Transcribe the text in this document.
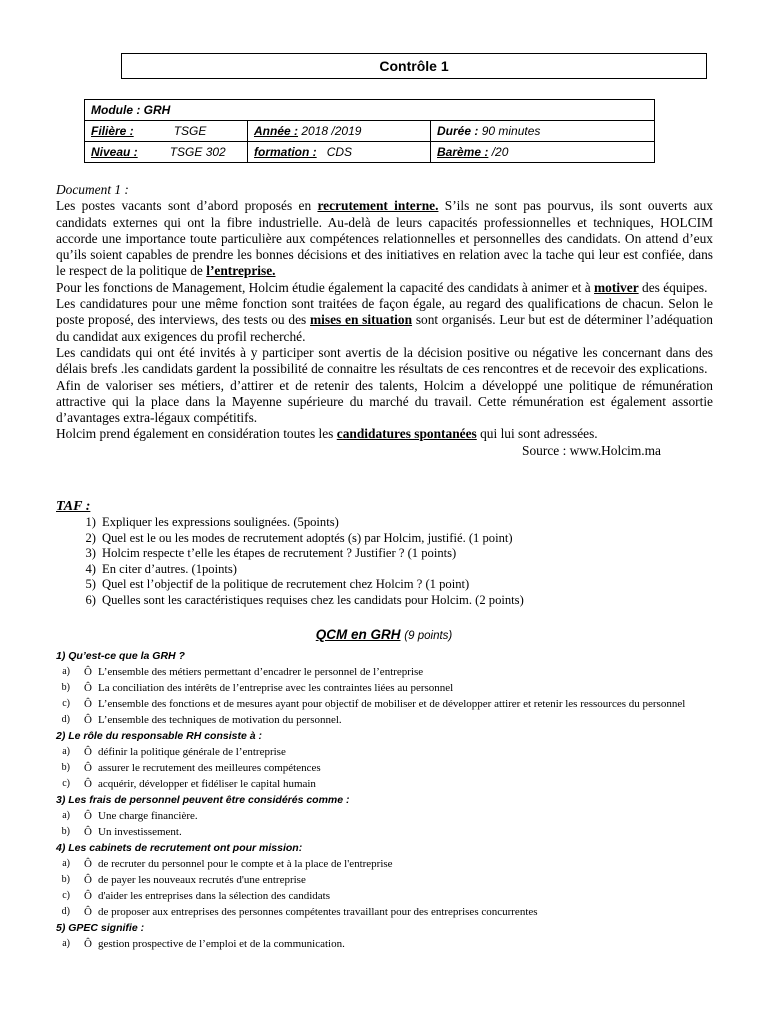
Contrôle 1
Module : GRH		
Filière : TSGE	Année : 2018 /2019	Durée : 90 minutes
Niveau : TSGE 302	formation : CDS	Barème : /20

Document 1 :

Les postes vacants sont d’abord proposés en recrutement interne. S’ils ne sont pas pourvus, ils sont ouverts aux candidats externes qui ont la fibre industrielle. Au-delà de leurs capacités professionnelles et techniques, HOLCIM accorde une importance toute particulière aux compétences relationnelles et personnelles des candidats. On attend d’eux qu’ils soient capables de prendre les bonnes décisions et des initiatives en relation avec la tache qui leur est confiée, dans le respect de la politique de l’entreprise.

Pour les fonctions de Management, Holcim étudie également la capacité des candidats à animer et à motiver des équipes.

Les candidatures pour une même fonction sont traitées de façon égale, au regard des qualifications de chacun. Selon le poste proposé, des interviews, des tests ou des mises en situation sont organisés. Leur but est de déterminer l’adéquation du candidat aux exigences du profil recherché.

Les candidats qui ont été invités à y participer sont avertis de la décision positive ou négative les concernant dans des délais brefs .les candidats gardent la possibilité de connaitre les résultats de ces rencontres et de recevoir des explications.

Afin de valoriser ses métiers, d’attirer et de retenir des talents, Holcim a développé une politique de rémunération attractive qui la place dans la Mayenne supérieure du marché du travail. Cette rémunération est également assortie d’avantages extra-légaux compétitifs.

Holcim prend également en considération toutes les candidatures spontanées qui lui sont adressées.

Source : www.Holcim.ma

TAF :
1) Expliquer les expressions soulignées. (5points)
2) Quel est le ou les modes de recrutement adoptés (s) par Holcim, justifié. (1 point)
3) Holcim respecte t’elle les étapes de recrutement ? Justifier ? (1 points)
4) En citer d’autres. (1points)
5) Quel est l’objectif de la politique de recrutement chez Holcim ? (1 point)
6) Quelles sont les caractéristiques requises chez les candidats pour Holcim. (2 points)
QCM en GRH (9 points)
1) Qu’est-ce que la GRH ?
a)	Ô L’ensemble des métiers permettant d’encadrer le personnel de l’entreprise
b)	Ô La conciliation des intérêts de l’entreprise avec les contraintes liées au personnel
c)	Ô L’ensemble des fonctions et de mesures ayant pour objectif de mobiliser et de développer attirer et retenir les ressources du personnel
d)	Ô L’ensemble des techniques de motivation du personnel.
2) Le rôle du responsable RH consiste à :
a)	Ô définir la politique générale de l’entreprise
b)	Ô assurer le recrutement des meilleures compétences
c)	Ô acquérir, développer et fidéliser le capital humain
3) Les frais de personnel peuvent être considérés comme :
a)	Ô Une charge financière.
b)	Ô Un investissement.
4) Les cabinets de recrutement ont pour mission:
a)	Ô de recruter du personnel pour le compte et à la place de l'entreprise
b)	Ô de payer les nouveaux recrutés d'une entreprise
c)	Ô d'aider les entreprises dans la sélection des candidats
d)	Ô de proposer aux entreprises des personnes compétentes travaillant pour des entreprises concurrentes
5) GPEC signifie :
a)	Ô gestion prospective de l’emploi et de la communication.
